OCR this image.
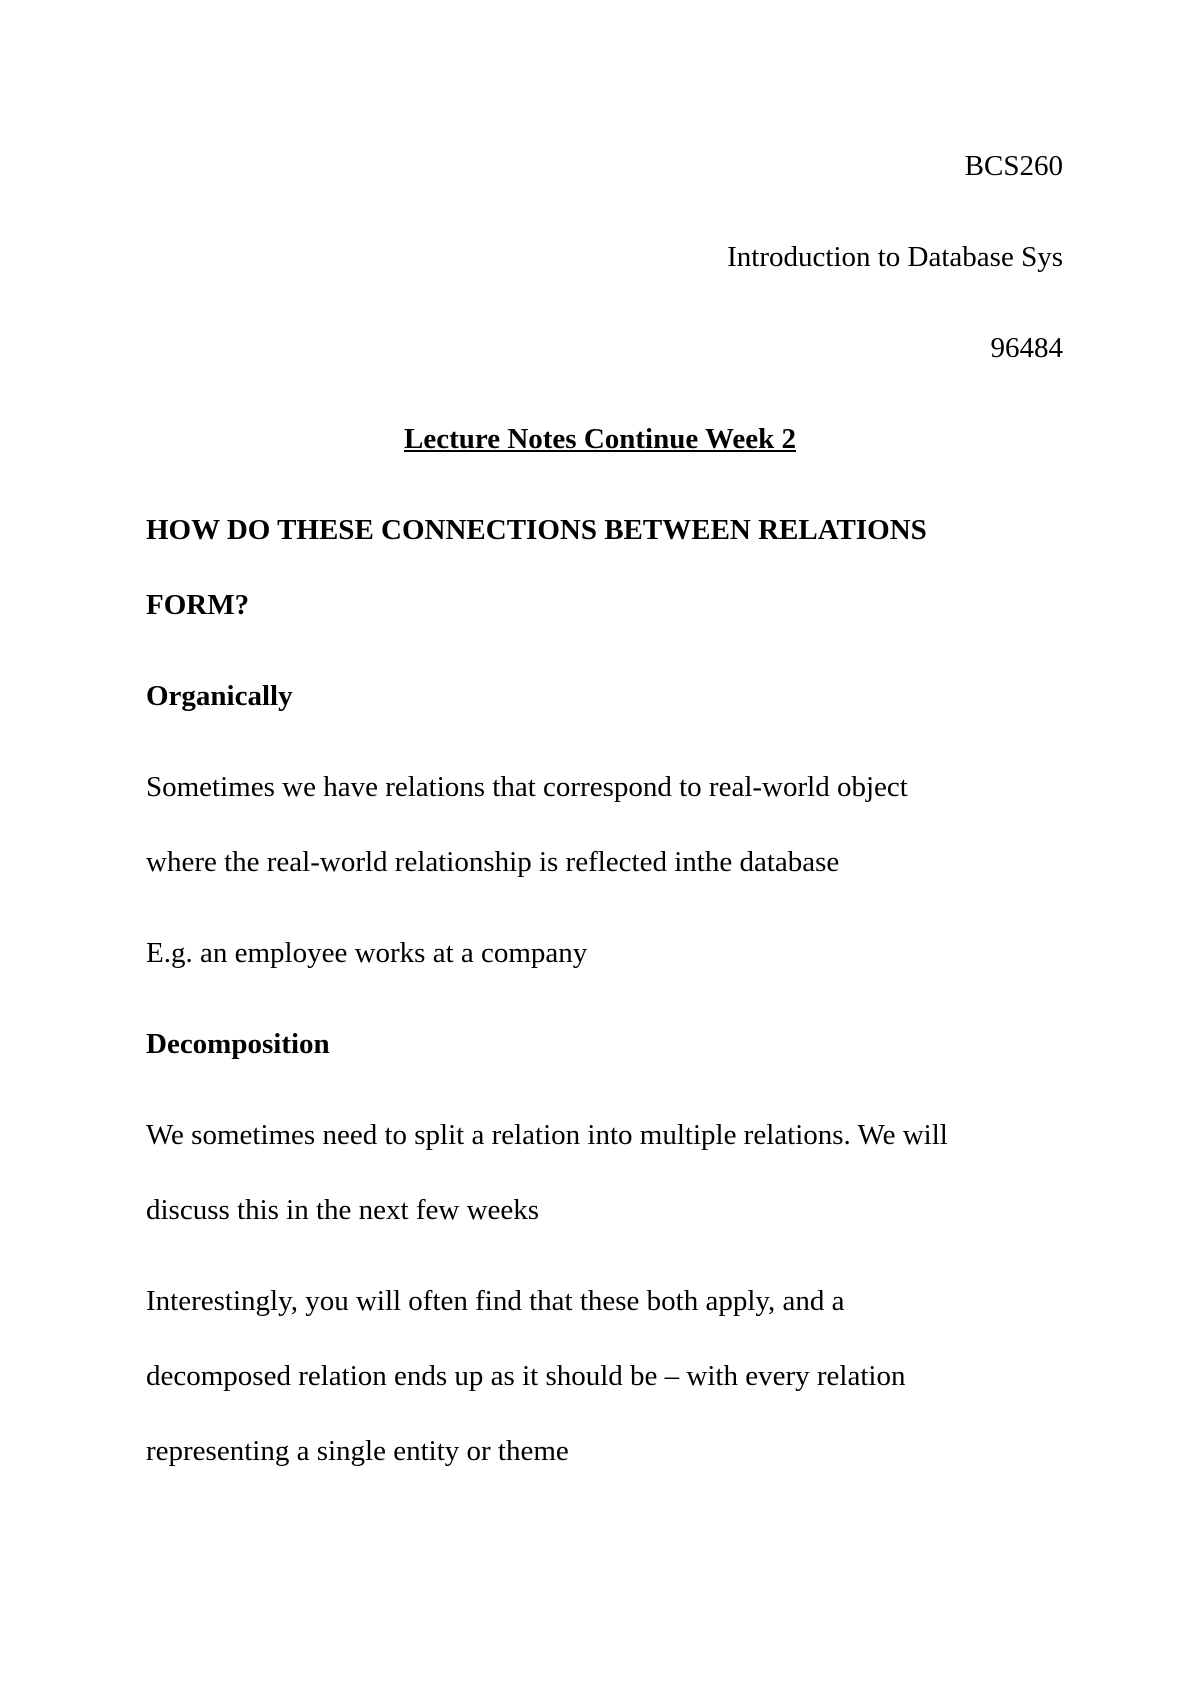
BCS260
Introduction to Database Sys
96484
Lecture Notes Continue Week 2
HOW DO THESE CONNECTIONS BETWEEN RELATIONS
FORM?
Organically
Sometimes we have relations that correspond to real-world object
where the real-world relationship is reflected inthe database
E.g. an employee works at a company
Decomposition
We sometimes need to split a relation into multiple relations. We will
discuss this in the next few weeks
Interestingly, you will often find that these both apply, and a
decomposed relation ends up as it should be – with every relation
representing a single entity or theme
